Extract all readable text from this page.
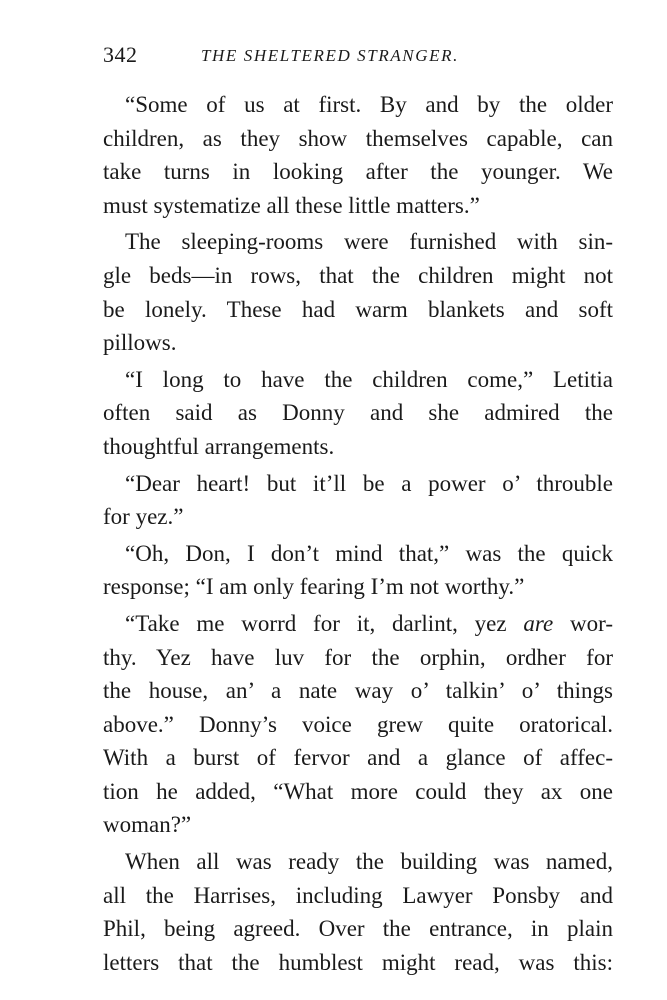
342	THE SHELTERED STRANGER.

“Some of us at first. By and by the older
children, as they show themselves capable, can
take turns in looking after the younger. We
must systematize all these little matters.”

The sleeping-rooms were furnished with sin-
gle beds—in rows, that the children might not
be lonely. These had warm blankets and soft
pillows.

“I long to have the children come,” Letitia
often said as Donny and she admired the
thoughtful arrangements.

“Dear heart! but it’ll be a power o’ throuble
for yez.”

“Oh, Don, I don’t mind that,” was the quick
response; “I am only fearing I’m not worthy.”

“Take me worrd for it, darlint, yez are wor-
thy. Yez have luv for the orphin, ordher for
the house, an’ a nate way o’ talkin’ o’ things
above.” Donny’s voice grew quite oratorical.
With a burst of fervor and a glance of affec-
tion he added, “What more could they ax one
woman?”

When all was ready the building was named,
all the Harrises, including Lawyer Ponsby and
Phil, being agreed. Over the entrance, in plain
letters that the humblest might read, was this:
